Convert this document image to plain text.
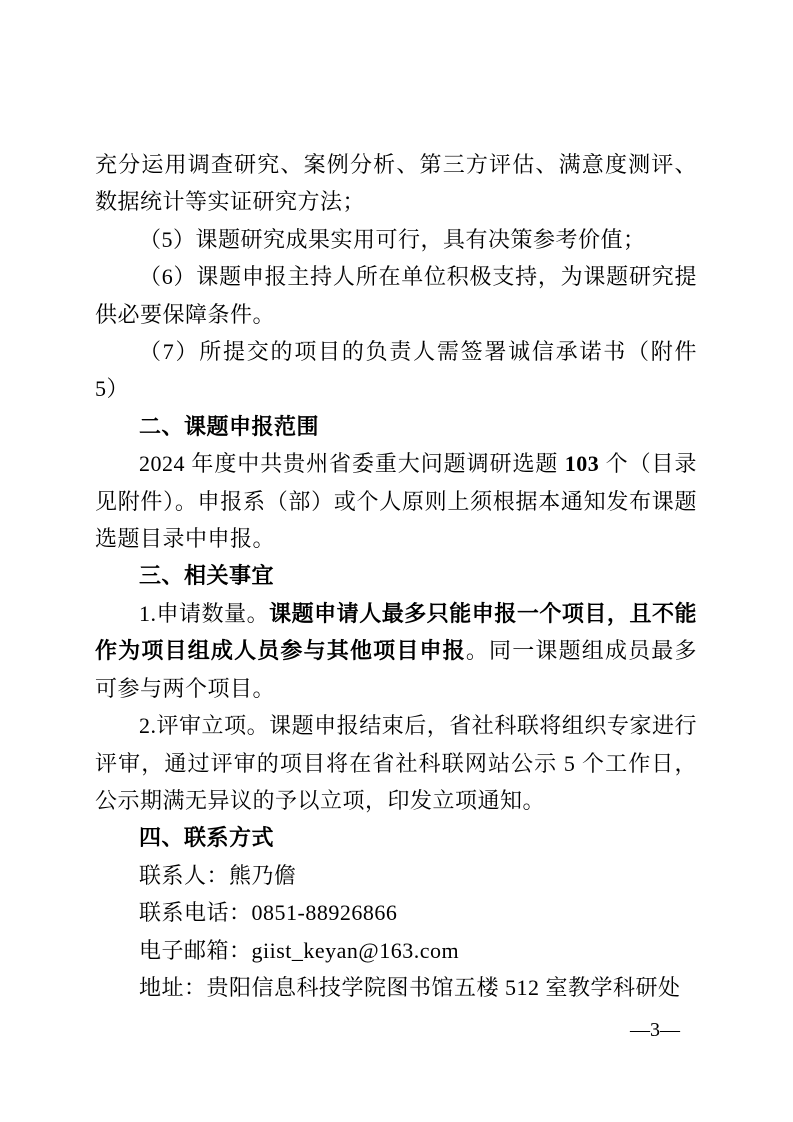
充分运用调查研究、案例分析、第三方评估、满意度测评、数据统计等实证研究方法；

（5）课题研究成果实用可行，具有决策参考价值；

（6）课题申报主持人所在单位积极支持，为课题研究提供必要保障条件。

（7）所提交的项目的负责人需签署诚信承诺书（附件 5）

二、课题申报范围

2024 年度中共贵州省委重大问题调研选题 103 个（目录见附件）。申报系（部）或个人原则上须根据本通知发布课题选题目录中申报。

三、相关事宜

1.申请数量。课题申请人最多只能申报一个项目，且不能作为项目组成人员参与其他项目申报。同一课题组成员最多可参与两个项目。

2.评审立项。课题申报结束后，省社科联将组织专家进行评审，通过评审的项目将在省社科联网站公示 5 个工作日，公示期满无异议的予以立项，印发立项通知。

四、联系方式

联系人：熊乃儋

联系电话：0851-88926866

电子邮箱：giist_keyan@163.com

地址：贵阳信息科技学院图书馆五楼 512 室教学科研处

—3—
